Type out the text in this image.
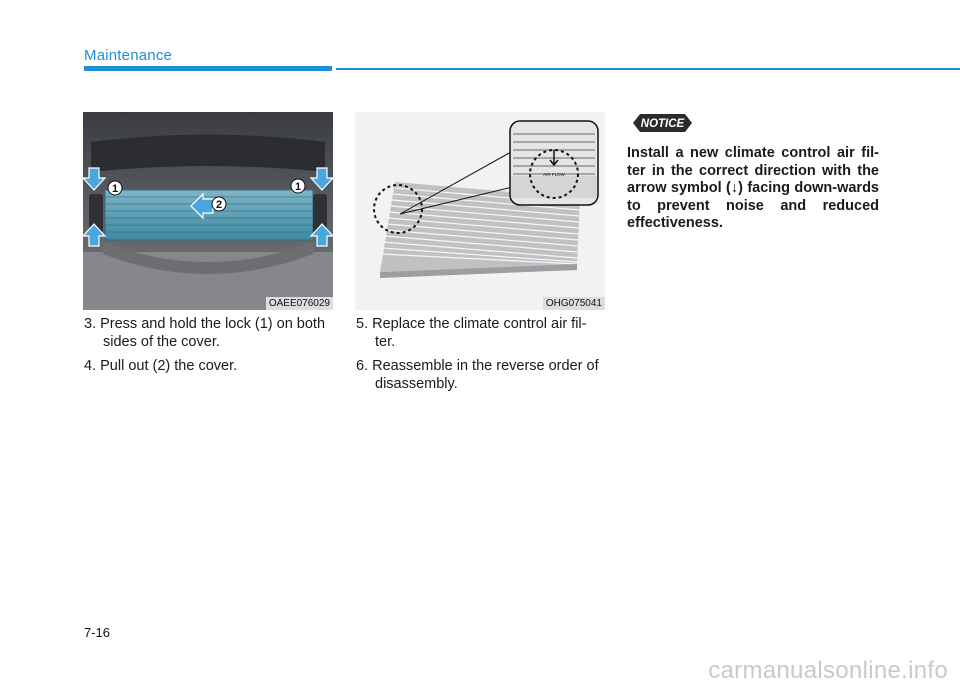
Maintenance
1	1
2
OAEE076029
AIR FLOW
OHG075041
3. Press and hold the lock (1) on both sides of the cover.
4. Pull out (2) the cover.
5. Replace the climate control air fil-ter.
6. Reassemble in the reverse order of disassembly.
NOTICE

Install a new climate control air fil-ter in the correct direction with the arrow symbol (↓) facing down-wards to prevent noise and reduced effectiveness.

7-16
carmanualsonline.info
